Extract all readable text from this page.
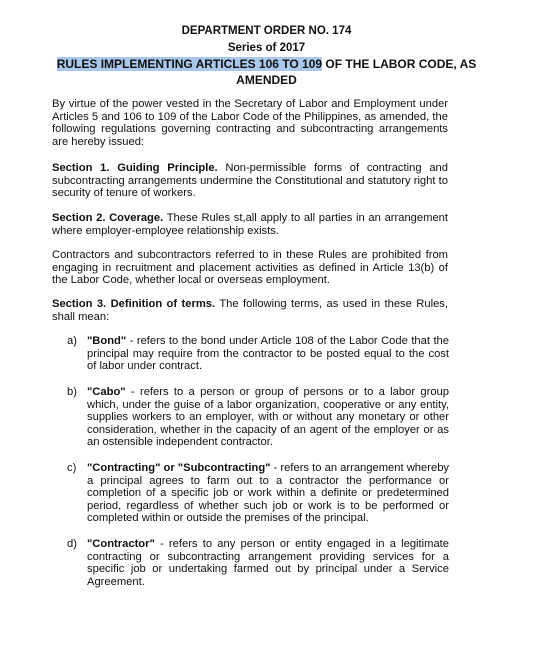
DEPARTMENT ORDER NO. 174
Series of 2017
RULES IMPLEMENTING ARTICLES 106 TO 109 OF THE LABOR CODE, AS
AMENDED
By virtue of the power vested in the Secretary of Labor and Employment under Articles 5 and 106 to 109 of the Labor Code of the Philippines, as amended, the following regulations governing contracting and subcontracting arrangements are hereby issued:
Section 1. Guiding Principle. Non-permissible forms of contracting and subcontracting arrangements undermine the Constitutional and statutory right to security of tenure of workers.
Section 2. Coverage. These Rules st,all apply to all parties in an arrangement where employer-employee relationship exists.
Contractors and subcontractors referred to in these Rules are prohibited from engaging in recruitment and placement activities as defined in Article 13(b) of the Labor Code, whether local or overseas employment.
Section 3. Definition of terms. The following terms, as used in these Rules, shall mean:
a) "Bond" - refers to the bond under Article 108 of the Labor Code that the principal may require from the contractor to be posted equal to the cost of labor under contract.
b) "Cabo" - refers to a person or group of persons or to a labor group which, under the guise of a labor organization, cooperative or any entity, supplies workers to an employer, with or without any monetary or other consideration, whether in the capacity of an agent of the employer or as an ostensible independent contractor.
c) "Contracting" or "Subcontracting" - refers to an arrangement whereby a principal agrees to farm out to a contractor the performance or completion of a specific job or work within a definite or predetermined period, regardless of whether such job or work is to be performed or completed within or outside the premises of the principal.
d) "Contractor" - refers to any person or entity engaged in a legitimate contracting or subcontracting arrangement providing services for a specific job or undertaking farmed out by principal under a Service Agreement.
